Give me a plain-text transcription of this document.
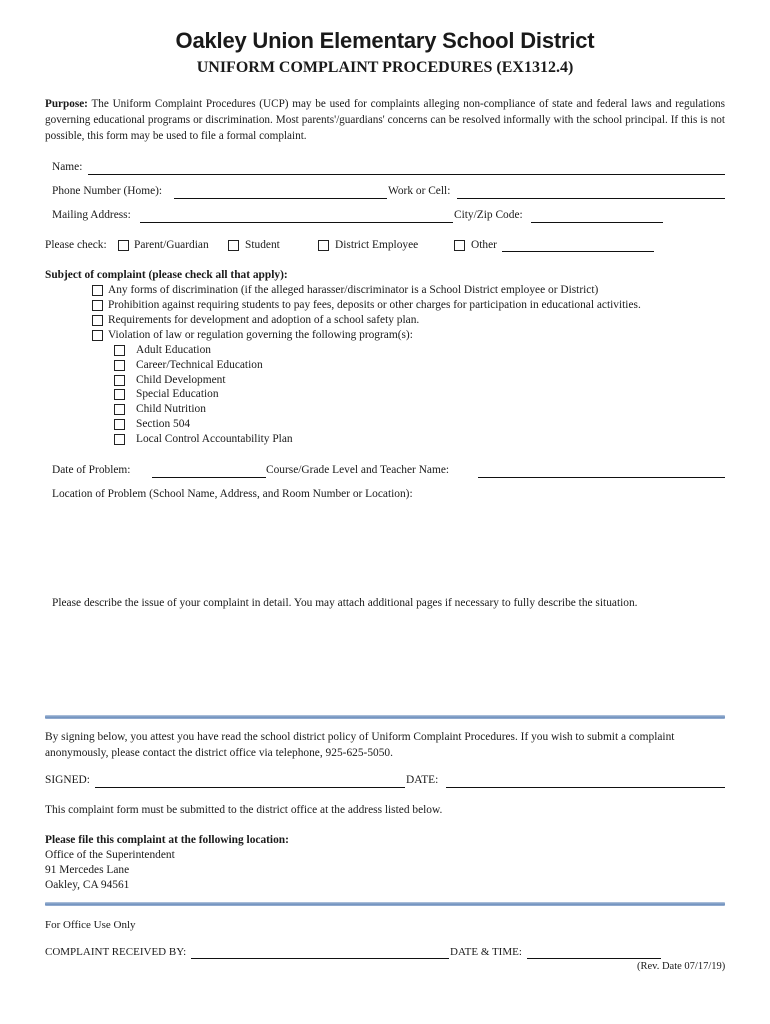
Oakley Union Elementary School District
UNIFORM COMPLAINT PROCEDURES (EX1312.4)
Purpose: The Uniform Complaint Procedures (UCP) may be used for complaints alleging non-compliance of state and federal laws and regulations governing educational programs or discrimination. Most parents'/guardians' concerns can be resolved informally with the school principal. If this is not possible, this form may be used to file a formal complaint.
Name:
Phone Number (Home):	Work or Cell:
Mailing Address:	City/Zip Code:
Please check: Parent/Guardian	Student	District Employee	Other
Subject of complaint (please check all that apply):
Any forms of discrimination (if the alleged harasser/discriminator is a School District employee or District)
Prohibition against requiring students to pay fees, deposits or other charges for participation in educational activities.
Requirements for development and adoption of a school safety plan.
Violation of law or regulation governing the following program(s):
Adult Education
Career/Technical Education
Child Development
Special Education
Child Nutrition
Section 504
Local Control Accountability Plan
Date of Problem:	Course/Grade Level and Teacher Name:
Location of Problem (School Name, Address, and Room Number or Location):
Please describe the issue of your complaint in detail. You may attach additional pages if necessary to fully describe the situation.
By signing below, you attest you have read the school district policy of Uniform Complaint Procedures. If you wish to submit a complaint anonymously, please contact the district office via telephone, 925-625-5050.
SIGNED:	DATE:
This complaint form must be submitted to the district office at the address listed below.
Please file this complaint at the following location:
Office of the Superintendent
91 Mercedes Lane
Oakley, CA 94561
For Office Use Only
COMPLAINT RECEIVED BY:	DATE & TIME:
(Rev. Date 07/17/19)
